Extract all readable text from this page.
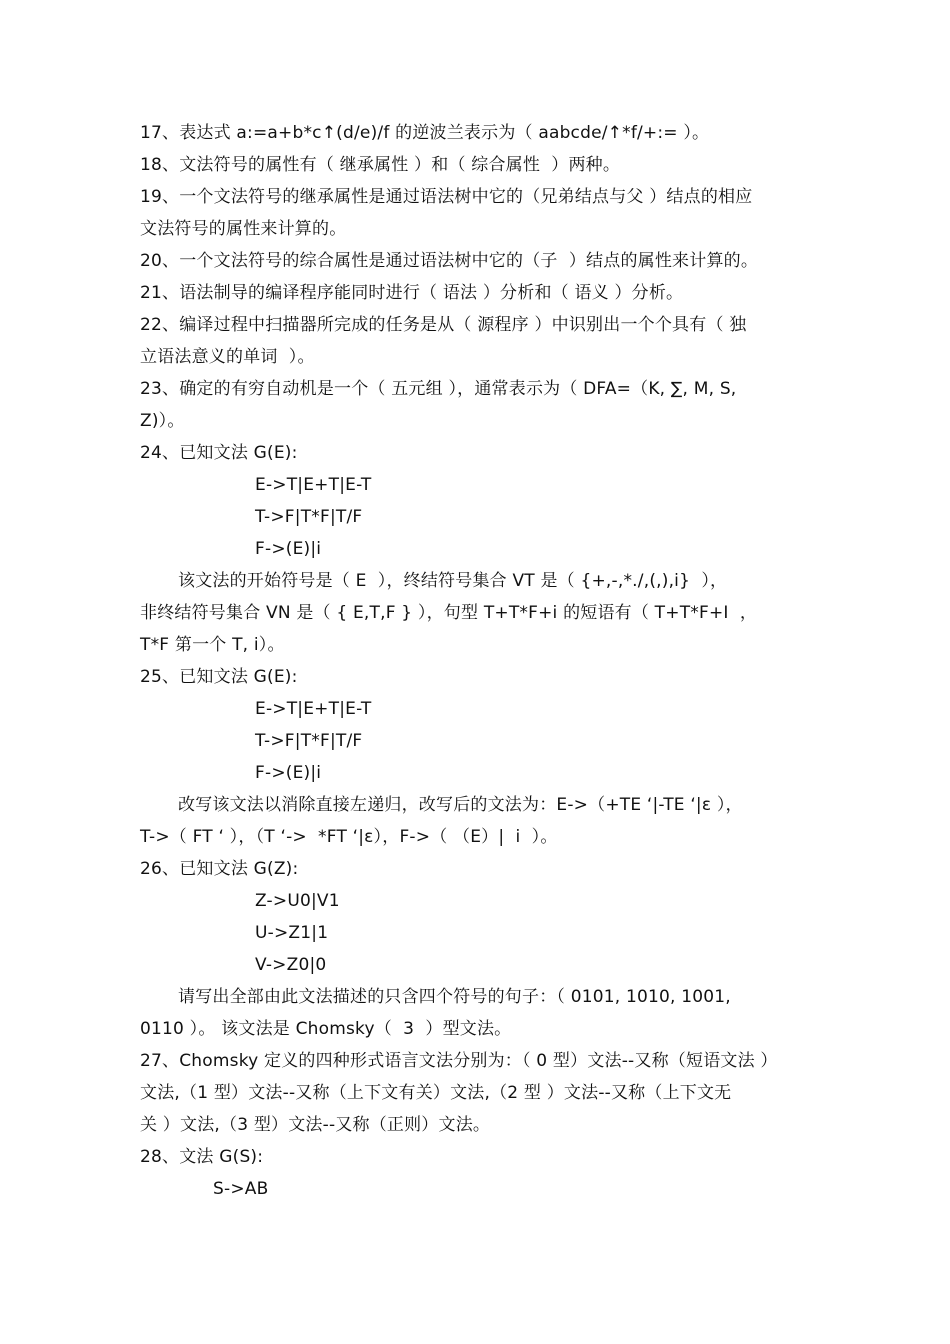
17、表达式 a:=a+b*c↑(d/e)/f 的逆波兰表示为（ aabcde/↑*f/+:= ）。
18、文法符号的属性有（ 继承属性 ）和（ 综合属性  ）两种。
19、一个文法符号的继承属性是通过语法树中它的（兄弟结点与父 ）结点的相应
文法符号的属性来计算的。
20、一个文法符号的综合属性是通过语法树中它的（子  ）结点的属性来计算的。
21、语法制导的编译程序能同时进行（ 语法 ）分析和（ 语义 ）分析。
22、编译过程中扫描器所完成的任务是从（ 源程序 ）中识别出一个个具有（ 独
立语法意义的单词  ）。
23、确定的有穷自动机是一个（ 五元组 ），通常表示为（ DFA=（K, ∑, M, S,
Z)）。
24、已知文法 G(E):
E->T|E+T|E-T
T->F|T*F|T/F
F->(E)|i
该文法的开始符号是（ E  ），终结符号集合 VT 是（ {+,-,*./,(,),i}  ），
非终结符号集合 VN 是（ { E,T,F } ），句型 T+T*F+i 的短语有（ T+T*F+I  ，
T*F 第一个 T, i）。
25、已知文法 G(E):
E->T|E+T|E-T
T->F|T*F|T/F
F->(E)|i
改写该文法以消除直接左递归，改写后的文法为：E->（+TE ‘|-TE ‘|ε ），
T->（ FT ‘ ），（T ‘->  *FT ‘|ε），F->（ （E）|  i  ）。
26、已知文法 G(Z):
Z->U0|V1
U->Z1|1
V->Z0|0
请写出全部由此文法描述的只含四个符号的句子：（ 0101, 1010, 1001,
0110 ）。 该文法是 Chomsky（  3  ）型文法。
27、Chomsky 定义的四种形式语言文法分别为：（ 0 型）文法--又称（短语文法 ）
文法,（1 型）文法--又称（上下文有关）文法,（2 型 ）文法--又称（上下文无
关 ）文法,（3 型）文法--又称（正则）文法。
28、文法 G(S):
S->AB
